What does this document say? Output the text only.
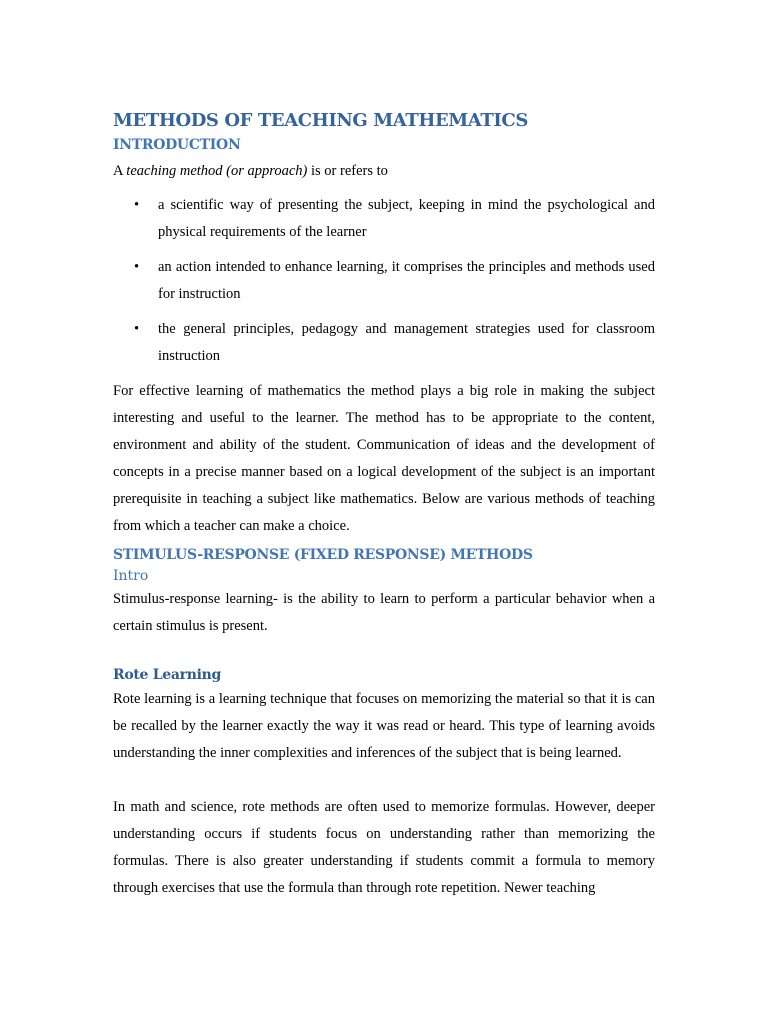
METHODS OF TEACHING MATHEMATICS
INTRODUCTION

A teaching method (or approach) is or refers to

• a scientific way of presenting the subject, keeping in mind the psychological and physical requirements of the learner

• an action intended to enhance learning, it comprises the principles and methods used for instruction

• the general principles, pedagogy and management strategies used for classroom instruction

For effective learning of mathematics the method plays a big role in making the subject interesting and useful to the learner. The method has to be appropriate to the content, environment and ability of the student. Communication of ideas and the development of concepts in a precise manner based on a logical development of the subject is an important prerequisite in teaching a subject like mathematics. Below are various methods of teaching from which a teacher can make a choice.

STIMULUS-RESPONSE (FIXED RESPONSE) METHODS
Intro

Stimulus-response learning- is the ability to learn to perform a particular behavior when a certain stimulus is present.

Rote Learning

Rote learning is a learning technique that focuses on memorizing the material so that it is can be recalled by the learner exactly the way it was read or heard. This type of learning avoids understanding the inner complexities and inferences of the subject that is being learned.

In math and science, rote methods are often used to memorize formulas. However, deeper understanding occurs if students focus on understanding rather than memorizing the formulas. There is also greater understanding if students commit a formula to memory through exercises that use the formula than through rote repetition. Newer teaching
